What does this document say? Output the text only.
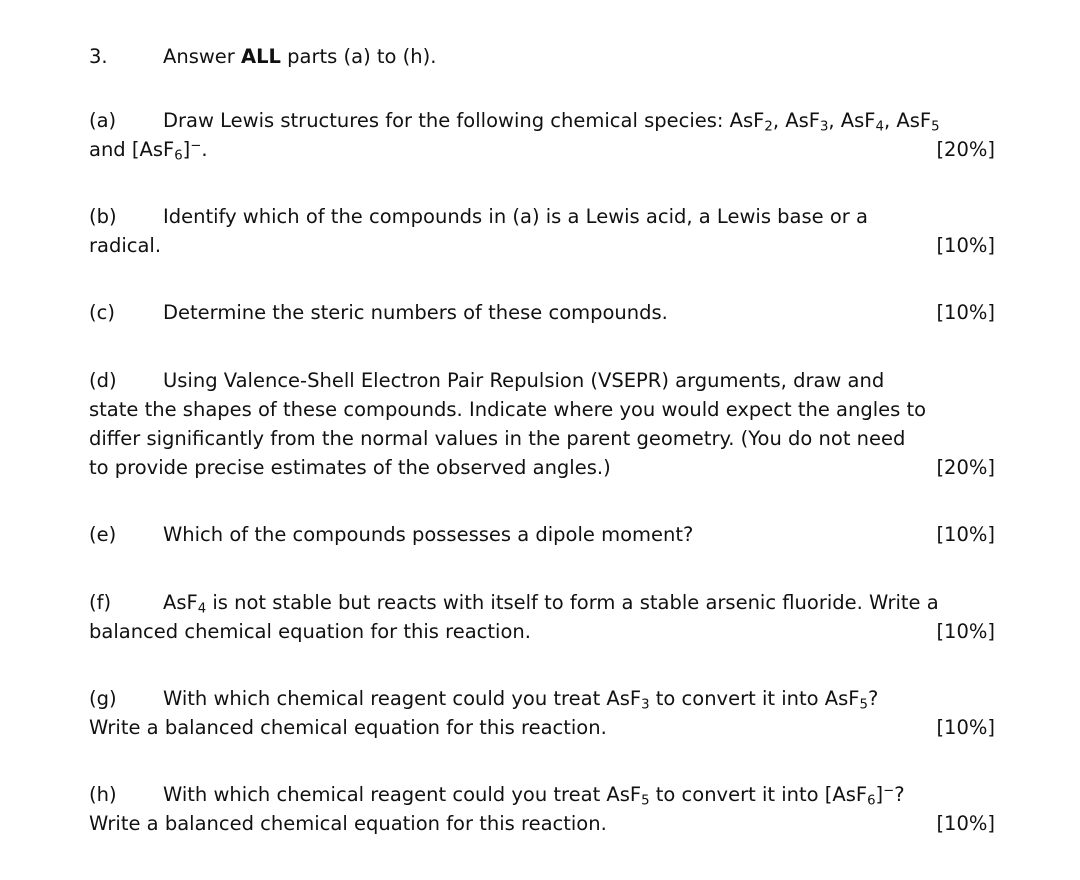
3.	Answer ALL parts (a) to (h).
(a) Draw Lewis structures for the following chemical species: AsF$_2$, AsF$_3$, AsF$_4$, AsF$_5$
and [AsF$_6$]−.	[20%]
(b) Identify which of the compounds in (a) is a Lewis acid, a Lewis base or a
radical.	[10%]
(c) Determine the steric numbers of these compounds.	[10%]
(d) Using Valence-Shell Electron Pair Repulsion (VSEPR) arguments, draw and
state the shapes of these compounds. Indicate where you would expect the angles to
differ significantly from the normal values in the parent geometry. (You do not need
to provide precise estimates of the observed angles.)	[20%]
(e) Which of the compounds possesses a dipole moment?	[10%]
(f)	AsF$_4$ is not stable but reacts with itself to form a stable arsenic fluoride. Write a
balanced chemical equation for this reaction.	[10%]
(g) With which chemical reagent could you treat AsF$_3$ to convert it into AsF$_5$?
Write a balanced chemical equation for this reaction.	[10%]
(h) With which chemical reagent could you treat AsF$_5$ to convert it into [AsF$_6$]−?
Write a balanced chemical equation for this reaction.	[10%]
